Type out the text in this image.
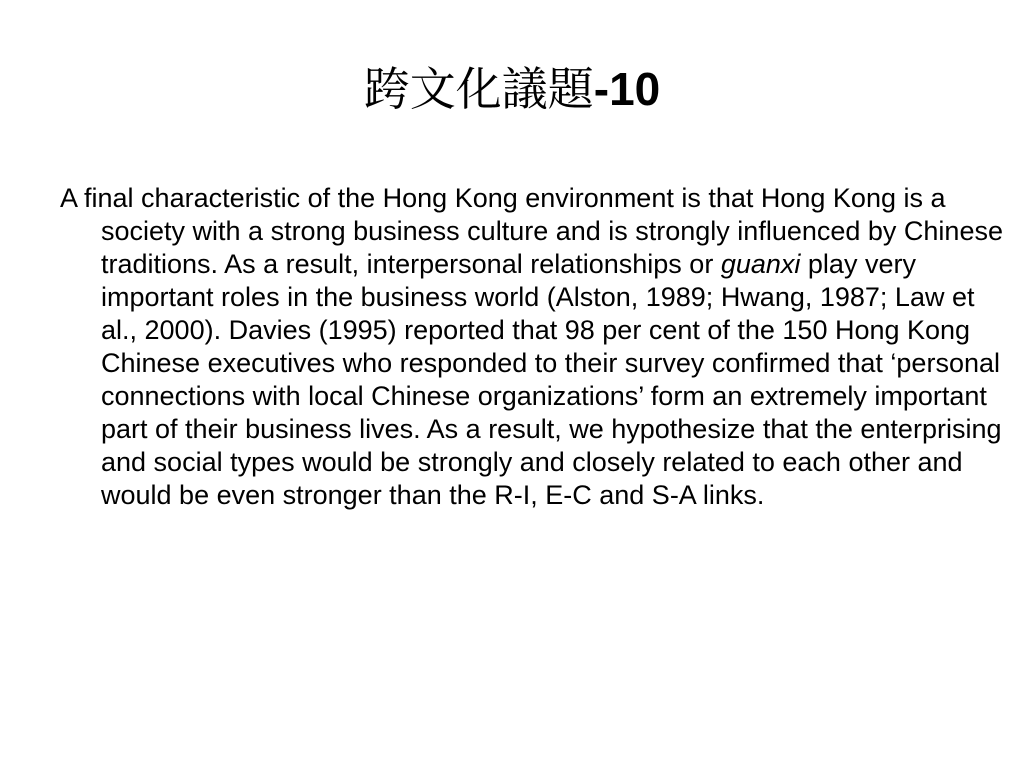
跨文化議題-10

A final characteristic of the Hong Kong environment is that Hong Kong is a society with a strong business culture and is strongly influenced by Chinese traditions. As a result, interpersonal relationships or guanxi play very important roles in the business world (Alston, 1989; Hwang, 1987; Law et al., 2000). Davies (1995) reported that 98 per cent of the 150 Hong Kong Chinese executives who responded to their survey confirmed that ‘personal connections with local Chinese organizations’ form an extremely important part of their business lives. As a result, we hypothesize that the enterprising and social types would be strongly and closely related to each other and would be even stronger than the R-I, E-C and S-A links.
